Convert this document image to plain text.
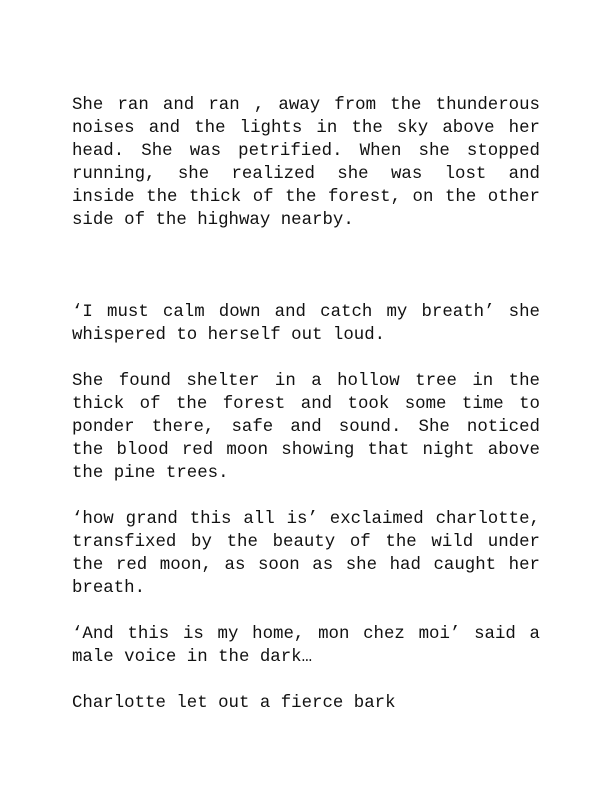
She ran and ran , away from the thunderous noises and the lights in the sky above her head. She was petrified. When she stopped running, she realized she was lost and inside the thick of the forest, on the other side of the highway nearby.

‘I must calm down and catch my breath’ she whispered to herself out loud.

She found shelter in a hollow tree in the thick of the forest and took some time to ponder there, safe and sound. She noticed the blood red moon showing that night above the pine trees.

‘how grand this all is’ exclaimed charlotte, transfixed by the beauty of the wild under the red moon, as soon as she had caught her breath.

‘And this is my home, mon chez moi’ said a male voice in the dark…

Charlotte let out a fierce bark
